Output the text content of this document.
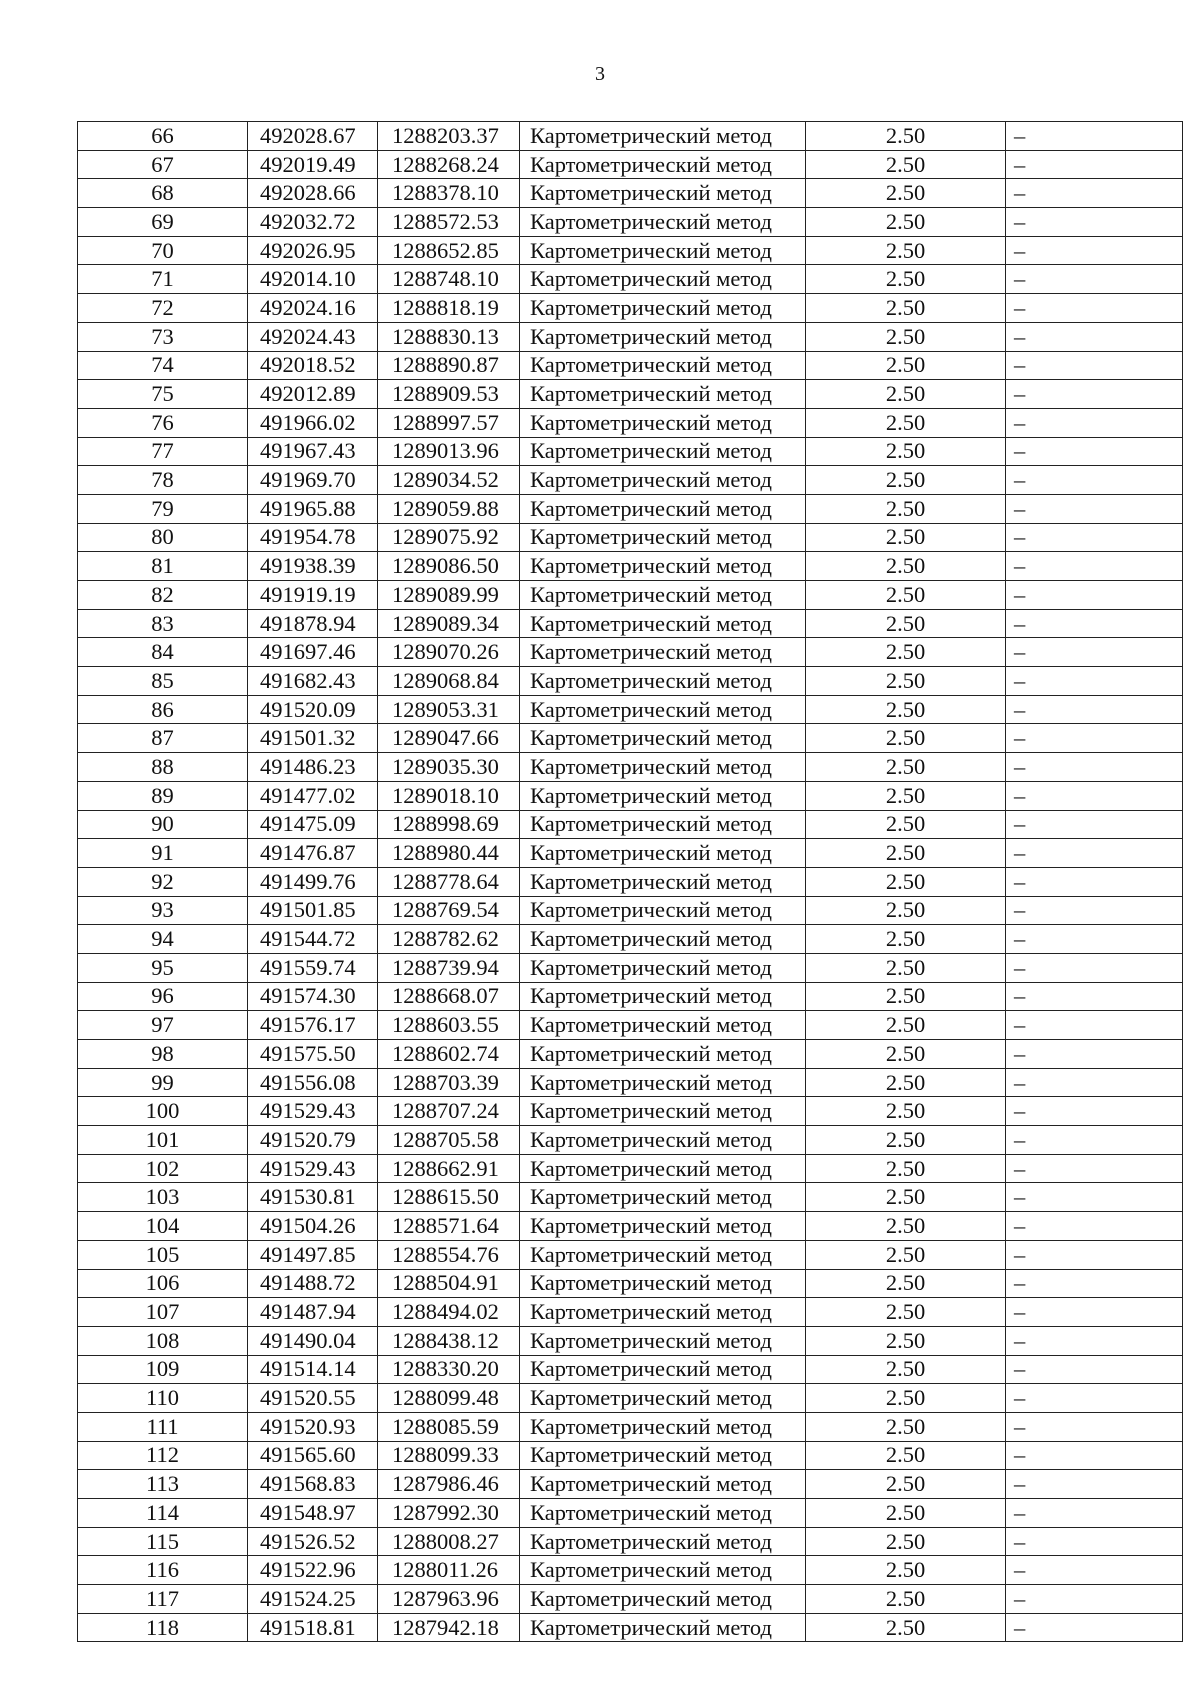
3
66	492028.67	1288203.37	Картометрический метод	2.50	–
67	492019.49	1288268.24	Картометрический метод	2.50	–
68	492028.66	1288378.10	Картометрический метод	2.50	–
69	492032.72	1288572.53	Картометрический метод	2.50	–
70	492026.95	1288652.85	Картометрический метод	2.50	–
71	492014.10	1288748.10	Картометрический метод	2.50	–
72	492024.16	1288818.19	Картометрический метод	2.50	–
73	492024.43	1288830.13	Картометрический метод	2.50	–
74	492018.52	1288890.87	Картометрический метод	2.50	–
75	492012.89	1288909.53	Картометрический метод	2.50	–
76	491966.02	1288997.57	Картометрический метод	2.50	–
77	491967.43	1289013.96	Картометрический метод	2.50	–
78	491969.70	1289034.52	Картометрический метод	2.50	–
79	491965.88	1289059.88	Картометрический метод	2.50	–
80	491954.78	1289075.92	Картометрический метод	2.50	–
81	491938.39	1289086.50	Картометрический метод	2.50	–
82	491919.19	1289089.99	Картометрический метод	2.50	–
83	491878.94	1289089.34	Картометрический метод	2.50	–
84	491697.46	1289070.26	Картометрический метод	2.50	–
85	491682.43	1289068.84	Картометрический метод	2.50	–
86	491520.09	1289053.31	Картометрический метод	2.50	–
87	491501.32	1289047.66	Картометрический метод	2.50	–
88	491486.23	1289035.30	Картометрический метод	2.50	–
89	491477.02	1289018.10	Картометрический метод	2.50	–
90	491475.09	1288998.69	Картометрический метод	2.50	–
91	491476.87	1288980.44	Картометрический метод	2.50	–
92	491499.76	1288778.64	Картометрический метод	2.50	–
93	491501.85	1288769.54	Картометрический метод	2.50	–
94	491544.72	1288782.62	Картометрический метод	2.50	–
95	491559.74	1288739.94	Картометрический метод	2.50	–
96	491574.30	1288668.07	Картометрический метод	2.50	–
97	491576.17	1288603.55	Картометрический метод	2.50	–
98	491575.50	1288602.74	Картометрический метод	2.50	–
99	491556.08	1288703.39	Картометрический метод	2.50	–
100	491529.43	1288707.24	Картометрический метод	2.50	–
101	491520.79	1288705.58	Картометрический метод	2.50	–
102	491529.43	1288662.91	Картометрический метод	2.50	–
103	491530.81	1288615.50	Картометрический метод	2.50	–
104	491504.26	1288571.64	Картометрический метод	2.50	–
105	491497.85	1288554.76	Картометрический метод	2.50	–
106	491488.72	1288504.91	Картометрический метод	2.50	–
107	491487.94	1288494.02	Картометрический метод	2.50	–
108	491490.04	1288438.12	Картометрический метод	2.50	–
109	491514.14	1288330.20	Картометрический метод	2.50	–
110	491520.55	1288099.48	Картометрический метод	2.50	–
111	491520.93	1288085.59	Картометрический метод	2.50	–
112	491565.60	1288099.33	Картометрический метод	2.50	–
113	491568.83	1287986.46	Картометрический метод	2.50	–
114	491548.97	1287992.30	Картометрический метод	2.50	–
115	491526.52	1288008.27	Картометрический метод	2.50	–
116	491522.96	1288011.26	Картометрический метод	2.50	–
117	491524.25	1287963.96	Картометрический метод	2.50	–
118	491518.81	1287942.18	Картометрический метод	2.50	–
